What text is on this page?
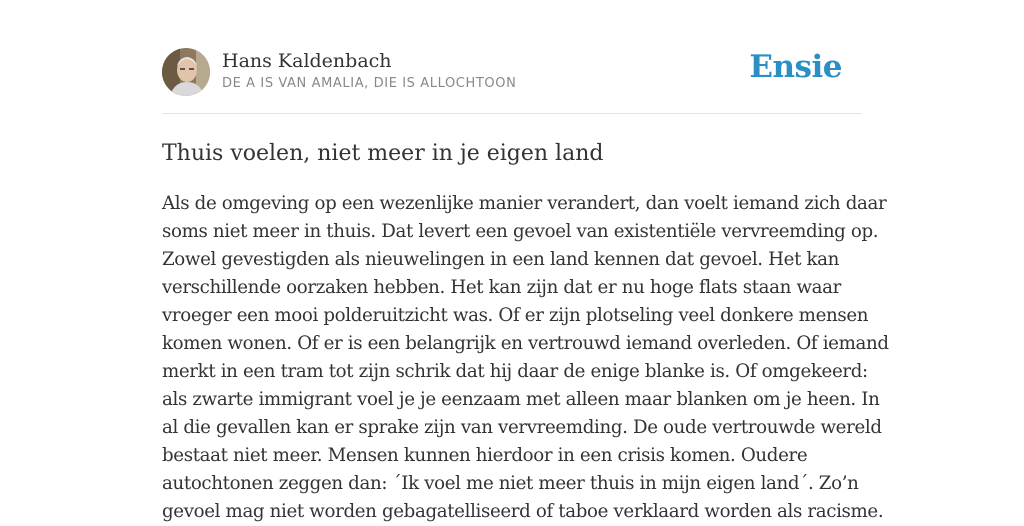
Hans Kaldenbach
DE A IS VAN AMALIA, DIE IS ALLOCHTOON	Ensie
Thuis voelen, niet meer in je eigen land
Als de omgeving op een wezenlijke manier verandert, dan voelt iemand zich daar
soms niet meer in thuis. Dat levert een gevoel van existentiële vervreemding op.
Zowel gevestigden als nieuwelingen in een land kennen dat gevoel. Het kan
verschillende oorzaken hebben. Het kan zijn dat er nu hoge flats staan waar
vroeger een mooi polderuitzicht was. Of er zijn plotseling veel donkere mensen
komen wonen. Of er is een belangrijk en vertrouwd iemand overleden. Of iemand
merkt in een tram tot zijn schrik dat hij daar de enige blanke is. Of omgekeerd:
als zwarte immigrant voel je je eenzaam met alleen maar blanken om je heen. In
al die gevallen kan er sprake zijn van vervreemding. De oude vertrouwde wereld
bestaat niet meer. Mensen kunnen hierdoor in een crisis komen. Oudere
autochtonen zeggen dan: ´Ik voel me niet meer thuis in mijn eigen land´. Zo’n
gevoel mag niet worden gebagatelliseerd of taboe verklaard worden als racisme.
